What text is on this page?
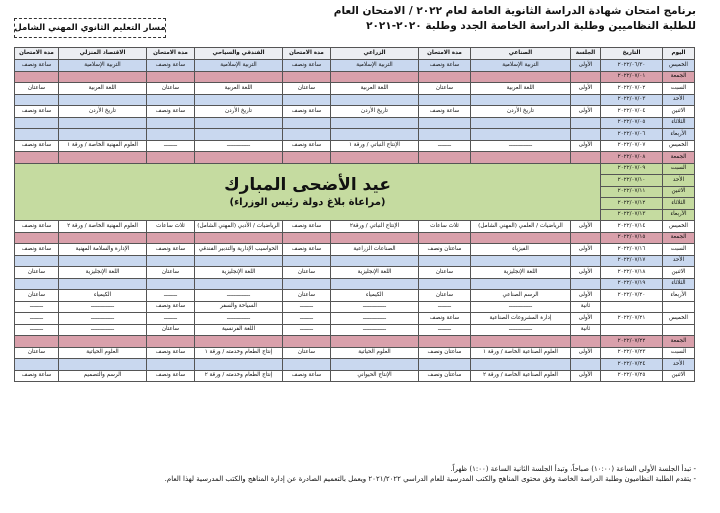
برنامج امتحان شهادة الدراسة الثانوية العامة لعام ٢٠٢٢ / الامتحان العام
للطلبة النظاميين وطلبة الدراسة الخاصة الجدد وطلبة ٢٠٢٠-٢٠٢١
مسار التعليم الثانوي المهني الشامل
اليوم	التاريخ	الجلسة	الصناعي	مدة الامتحان	الزراعي	مدة الامتحان	الفندقي والسياحي	مدة الامتحان	الاقتصاد المنزلي	مدة الامتحان
الخميس	٢٠٢٢/٠٦/٣٠	الأولى	التربية الإسلامية	ساعة ونصف	التربية الإسلامية	ساعة ونصف	التربية الإسلامية	ساعة ونصف	التربية الإسلامية	ساعة ونصف
الجمعة	٢٠٢٢/٠٧/٠١									
السبت	٢٠٢٢/٠٧/٠٢	الأولى	اللغة العربية	ساعتان	اللغة العربية	ساعتان	اللغة العربية	ساعتان	اللغة العربية	ساعتان
الأحد	٢٠٢٢/٠٧/٠٣									
الاثنين	٢٠٢٢/٠٧/٠٤	الأولى	تاريخ الأردن	ساعة ونصف	تاريخ الأردن	ساعة ونصف	تاريخ الأردن	ساعة ونصف	تاريخ الأردن	ساعة ونصف
الثلاثاء	٢٠٢٢/٠٧/٠٥									
الأربعاء	٢٠٢٢/٠٧/٠٦									
الخميس	٢٠٢٢/٠٧/٠٧	الأولى	ــــــــــــــ	ــــــــ	الإنتاج النباتي / ورقة ١	ساعة ونصف	ــــــــــــــ	ــــــــ	العلوم المهنية الخاصة / ورقة ١	ساعة ونصف
الجمعة	٢٠٢٢/٠٧/٠٨									
السبت	٢٠٢٢/٠٧/٠٩	عيد الأضحى المبارك
(مراعاة بلاغ دولة رئيس الوزراء)								

الأحد	٢٠٢٢/٠٧/١٠									
الاثنين	٢٠٢٢/٠٧/١١									
الثلاثاء	٢٠٢٢/٠٧/١٢									
الأربعاء	٢٠٢٢/٠٧/١٣									
الخميس	٢٠٢٢/٠٧/١٤	الأولى	الرياضيات / العلمي (المهني الشامل)	ثلاث ساعات	الإنتاج النباتي / ورقة٢	ساعة ونصف	الرياضيات / الأدبي (المهني الشامل)	ثلاث ساعات	العلوم المهنية الخاصة / ورقة ٢	ساعة ونصف
الجمعة	٢٠٢٢/٠٧/١٥									
السبت	٢٠٢٢/٠٧/١٦	الأولى	الفيزياء	ساعتان ونصف	الصناعات الزراعية	ساعة ونصف	الحواسيب الإدارية والتدبير الفندقي	ساعة ونصف	الإدارة والسلامة المهنية	ساعة ونصف
الأحد	٢٠٢٢/٠٧/١٧									
الاثنين	٢٠٢٢/٠٧/١٨	الأولى	اللغة الإنجليزية	ساعتان	اللغة الإنجليزية	ساعتان	اللغة الإنجليزية	ساعتان	اللغة الإنجليزية	ساعتان
الثلاثاء	٢٠٢٢/٠٧/١٩									
الأربعاء	٢٠٢٢/٠٧/٢٠	الأولى	الرسم الصناعي	ساعتان	الكيمياء	ساعتان	ــــــــــــــ	ــــــــ	الكيمياء	ساعتان
		ثانية	ــــــــــــــ	ــــــــ	ــــــــــــــ	ــــــــ	السياحة والسفر	ساعة ونصف	ــــــــــــــ	ــــــــ
الخميس	٢٠٢٢/٠٧/٢١	الأولى	إدارة المشروعات الصناعية	ساعة ونصف	ــــــــــــــ	ــــــــ	ــــــــــــــ	ــــــــ	ــــــــــــــ	ــــــــ
		ثانية	ــــــــــــــ	ــــــــ	ــــــــــــــ	ــــــــ	اللغة الفرنسية	ساعتان	ــــــــــــــ	ــــــــ
الجمعة	٢٠٢٢/٠٧/٢٢									
السبت	٢٠٢٢/٠٧/٢٣	الأولى	العلوم الصناعية الخاصة / ورقة ١	ساعتان ونصف	العلوم الحياتية	ساعتان	إنتاج الطعام وخدمته / ورقة ١	ساعة ونصف	العلوم الحياتية	ساعتان
الأحد	٢٠٢٢/٠٧/٢٤									
الاثنين	٢٠٢٢/٠٧/٢٥	الأولى	العلوم الصناعية الخاصة / ورقة ٢	ساعتان ونصف	الإنتاج الحيواني	ساعة ونصف	إنتاج الطعام وخدمته / ورقة ٢	ساعة ونصف	الرسم والتصميم	ساعة ونصف
- تبدأ الجلسة الأولى الساعة (١٠:٠٠) صباحاً، وتبدأ الجلسة الثانية الساعة (١:٠٠) ظهراً.
- يتقدم الطلبة النظاميون وطلبة الدراسة الخاصة وفق محتوى المناهج والكتب المدرسية للعام الدراسي ٢٠٢١/٢٠٢٢ ويعمل بالتعميم الصادرة عن إدارة المناهج والكتب المدرسية لهذا العام.
